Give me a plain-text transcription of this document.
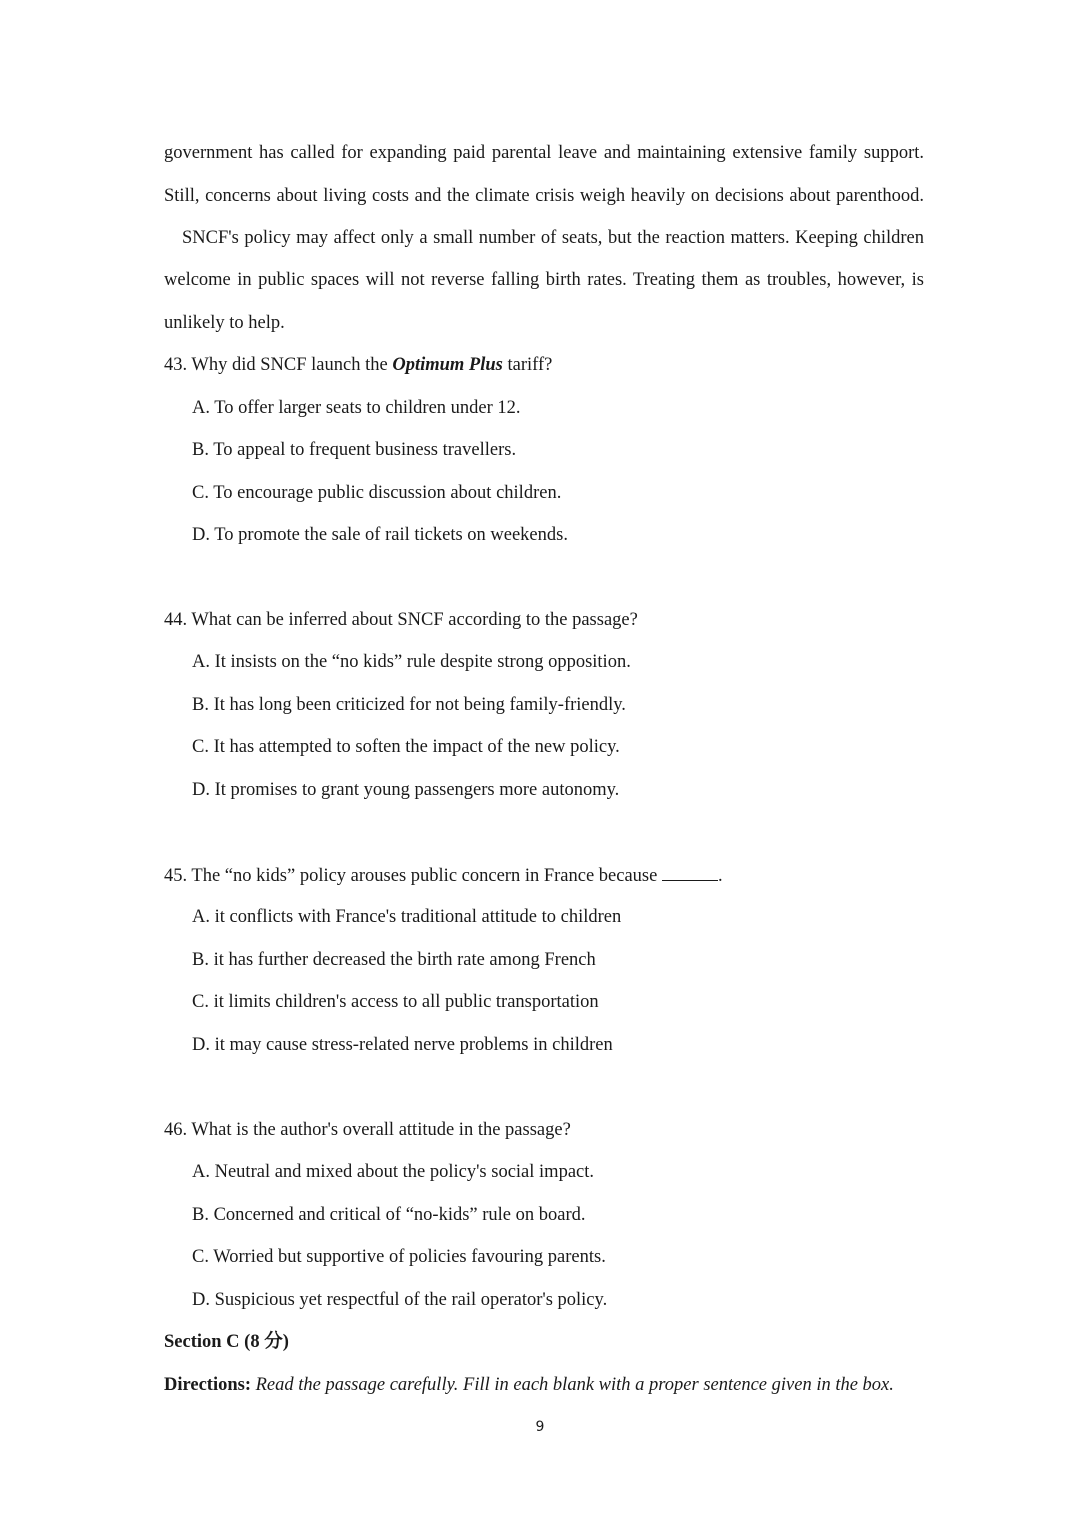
government has called for expanding paid parental leave and maintaining extensive family support.
Still, concerns about living costs and the climate crisis weigh heavily on decisions about parenthood.
SNCF's policy may affect only a small number of seats, but the reaction matters. Keeping children
welcome in public spaces will not reverse falling birth rates. Treating them as troubles, however, is
unlikely to help.
43. Why did SNCF launch the Optimum Plus tariff?
A. To offer larger seats to children under 12.
B. To appeal to frequent business travellers.
C. To encourage public discussion about children.
D. To promote the sale of rail tickets on weekends.
44. What can be inferred about SNCF according to the passage?
A. It insists on the “no kids” rule despite strong opposition.
B. It has long been criticized for not being family-friendly.
C. It has attempted to soften the impact of the new policy.
D. It promises to grant young passengers more autonomy.
45. The “no kids” policy arouses public concern in France because	.
A. it conflicts with France's traditional attitude to children
B. it has further decreased the birth rate among French
C. it limits children's access to all public transportation
D. it may cause stress-related nerve problems in children
46. What is the author's overall attitude in the passage?
A. Neutral and mixed about the policy's social impact.
B. Concerned and critical of “no-kids” rule on board.
C. Worried but supportive of policies favouring parents.
D. Suspicious yet respectful of the rail operator's policy.
Section C (8 分)
Directions: Read the passage carefully. Fill in each blank with a proper sentence given in the box.
9
